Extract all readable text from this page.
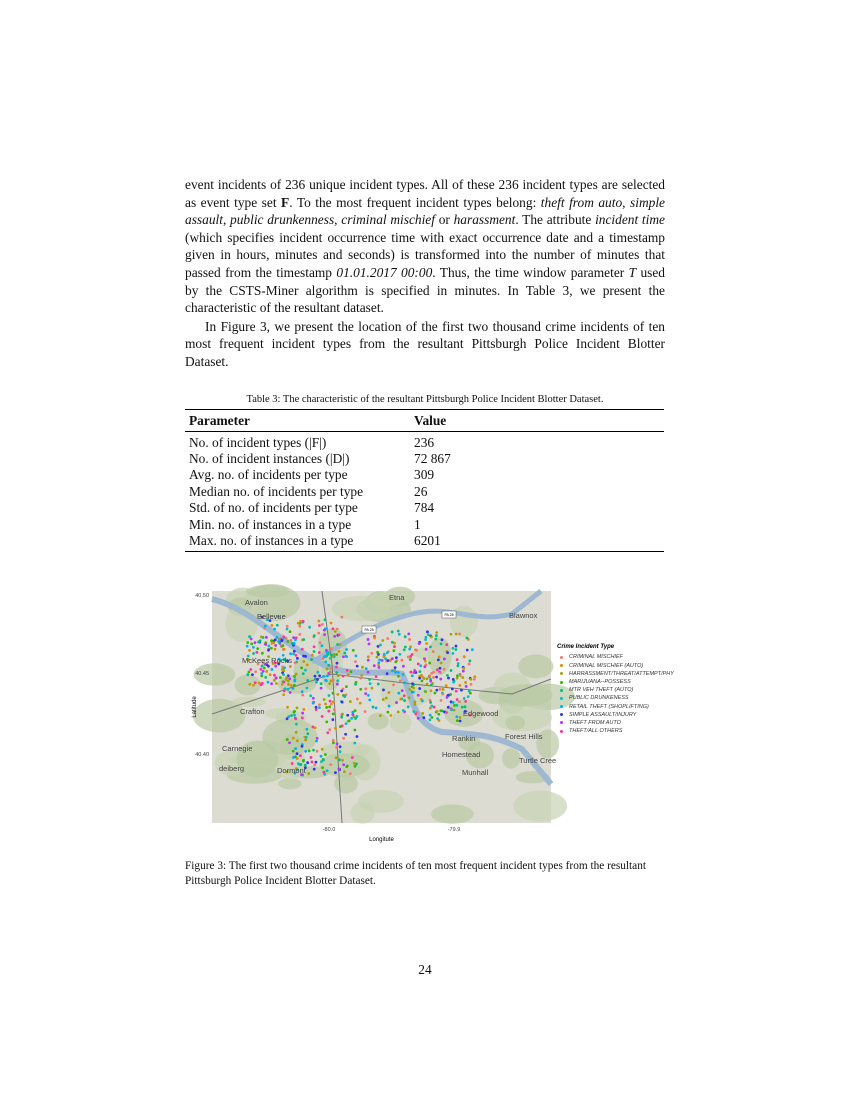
event incidents of 236 unique incident types. All of these 236 incident types are selected as event type set F. To the most frequent incident types belong: theft from auto, simple assault, public drunkenness, criminal mischief or harassment. The attribute incident time (which specifies incident occurrence time with exact occurrence date and a timestamp given in hours, minutes and seconds) is transformed into the number of minutes that passed from the timestamp 01.01.2017 00:00. Thus, the time window parameter T used by the CSTS-Miner algorithm is specified in minutes. In Table 3, we present the characteristic of the resultant dataset.

In Figure 3, we present the location of the first two thousand crime incidents of ten most frequent incident types from the resultant Pittsburgh Police Incident Blotter Dataset.

Table 3: The characteristic of the resultant Pittsburgh Police Incident Blotter Dataset.
Parameter	Value
No. of incident types (|F|)	236
No. of incident instances (|D|)	72 867
Avg. no. of incidents per type	309
Median no. of incidents per type	26
Std. of no. of incidents per type	784
Min. no. of instances in a type	1
Max. no. of instances in a type	6201
Avalon
Bellevue
Etna
Blawnox
McKees Rocks
Crafton
Carnegie
Dormont
Edgewood
Forest Hills
Rankin
Homestead
Munhall
Turtle Cree
deiberg
PA 28
PA 28
40.50
40.45
40.40
-80.0	-79.9
Longitute
Latitude
Crime Incident Type
CRIMINAL MISCHIEF
CRIMINAL MISCHIEF (AUTO)
HARRASSMENT/THREAT/ATTEMPT/PHY
MARIJUANA--POSSESS
MTR VEH THEFT (AUTO)
PUBLIC DRUNKENESS
RETAIL THEFT (SHOPLIFTING)
SIMPLE ASSAULT/INJURY
THEFT FROM AUTO
THEFT/ALL OTHERS
Figure 3: The first two thousand crime incidents of ten most frequent incident types from the resultant Pittsburgh Police Incident Blotter Dataset.
24
